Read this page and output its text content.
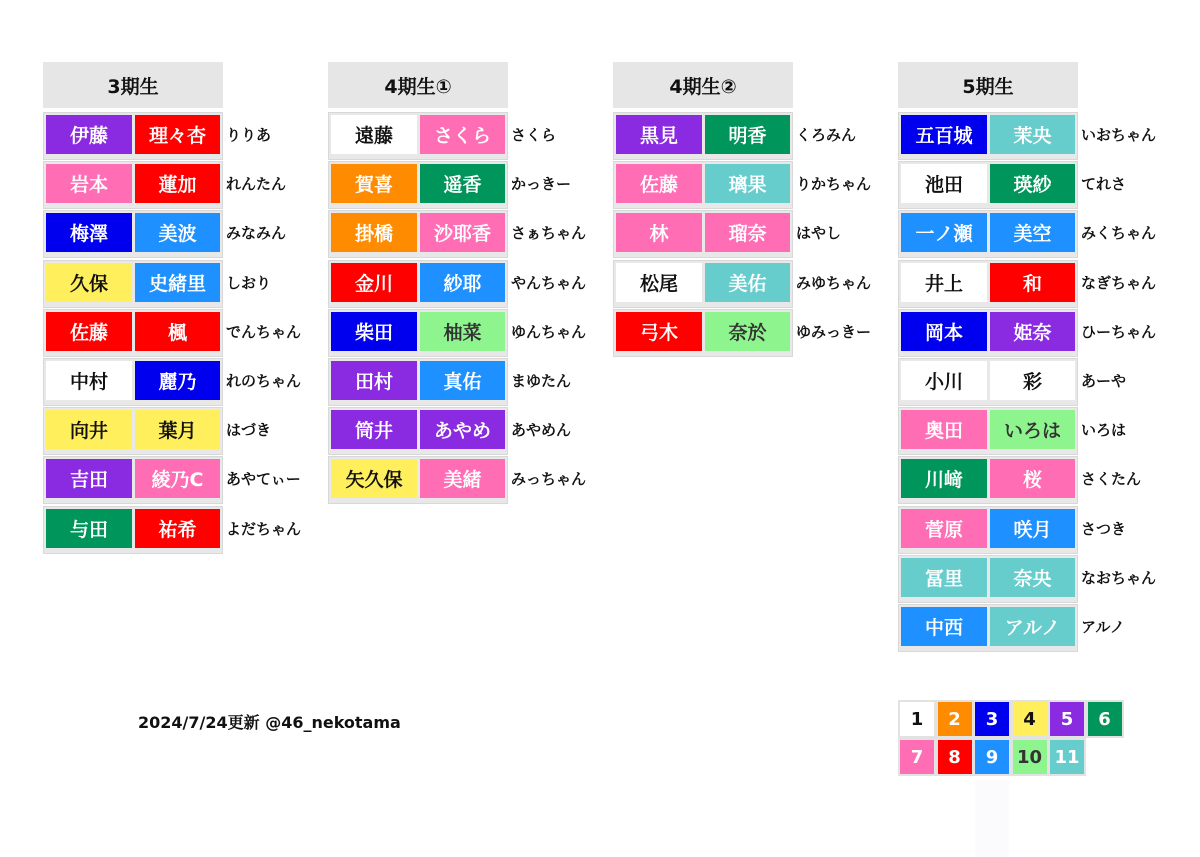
3期生
伊藤	理々杏	りりあ
岩本	蓮加	れんたん
梅澤	美波	みなみん
久保	史緒里	しおり
佐藤	楓	でんちゃん
中村	麗乃	れのちゃん
向井	葉月	はづき
吉田	綾乃C	あやてぃー
与田	祐希	よだちゃん
4期生①
遠藤	さくら	さくら
賀喜	遥香	かっきー
掛橋	沙耶香	さぁちゃん
金川	紗耶	やんちゃん
柴田	柚菜	ゆんちゃん
田村	真佑	まゆたん
筒井	あやめ	あやめん
矢久保	美緒	みっちゃん
4期生②
黒見	明香	くろみん
佐藤	璃果	りかちゃん
林	瑠奈	はやし
松尾	美佑	みゆちゃん
弓木	奈於	ゆみっきー
5期生
五百城	茉央	いおちゃん
池田	瑛紗	てれさ
一ノ瀬	美空	みくちゃん
井上	和	なぎちゃん
岡本	姫奈	ひーちゃん
小川	彩	あーや
奥田	いろは	いろは
川﨑	桜	さくたん
菅原	咲月	さつき
冨里	奈央	なおちゃん
中西	アルノ	アルノ
2024/7/24更新 @46_nekotama	1	2	3	4	5	6
7	8	9	10 11
